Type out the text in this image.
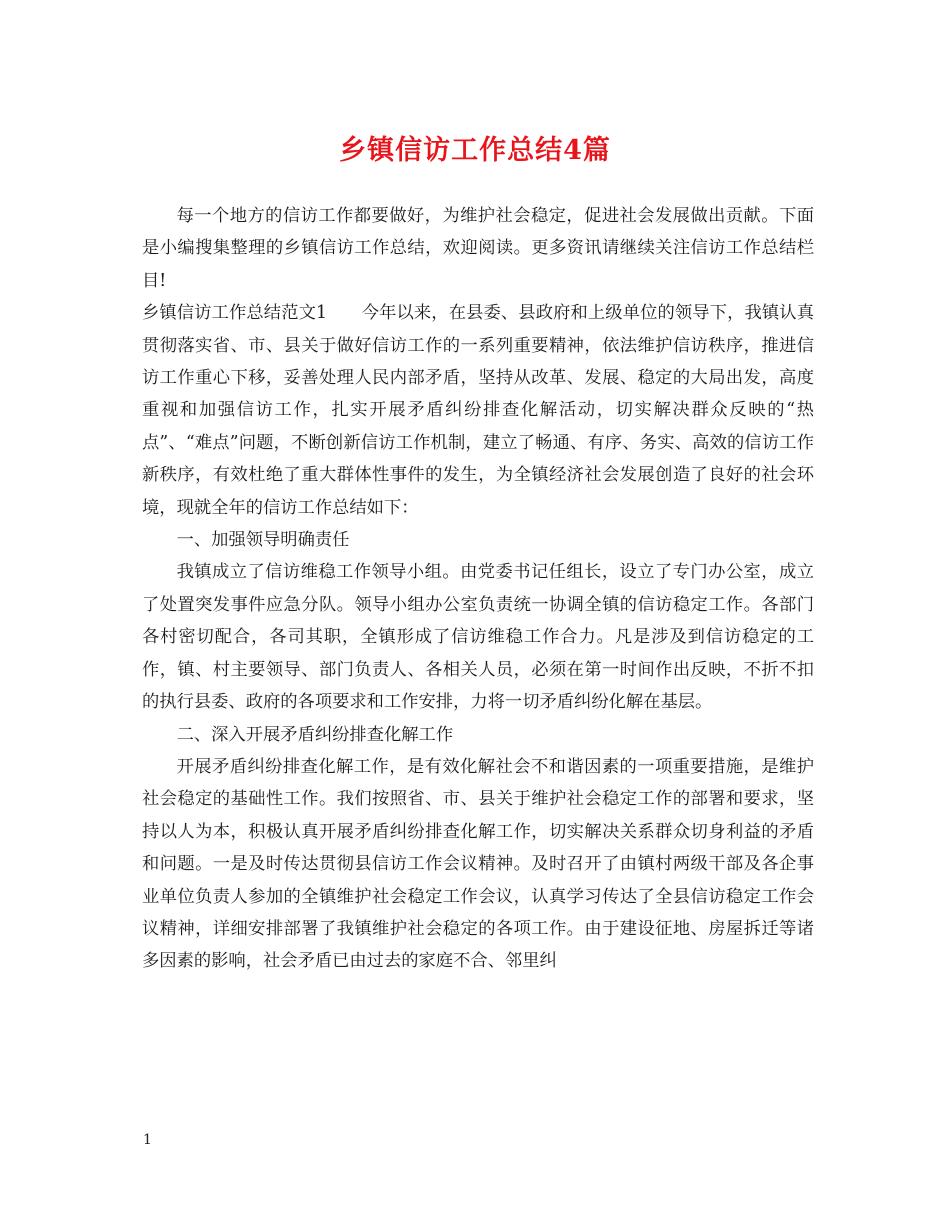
乡镇信访工作总结4篇

每一个地方的信访工作都要做好，为维护社会稳定，促进社会发展做出贡献。下面是小编搜集整理的乡镇信访工作总结，欢迎阅读。更多资讯请继续关注信访工作总结栏目!

乡镇信访工作总结范文1 今年以来，在县委、县政府和上级单位的领导下，我镇认真贯彻落实省、市、县关于做好信访工作的一系列重要精神，依法维护信访秩序，推进信访工作重心下移，妥善处理人民内部矛盾，坚持从改革、发展、稳定的大局出发，高度重视和加强信访工作，扎实开展矛盾纠纷排查化解活动，切实解决群众反映的“热点”、“难点”问题，不断创新信访工作机制，建立了畅通、有序、务实、高效的信访工作新秩序，有效杜绝了重大群体性事件的发生，为全镇经济社会发展创造了良好的社会环境，现就全年的信访工作总结如下：

一、加强领导明确责任

我镇成立了信访维稳工作领导小组。由党委书记任组长，设立了专门办公室，成立了处置突发事件应急分队。领导小组办公室负责统一协调全镇的信访稳定工作。各部门各村密切配合，各司其职，全镇形成了信访维稳工作合力。凡是涉及到信访稳定的工作，镇、村主要领导、部门负责人、各相关人员，必须在第一时间作出反映，不折不扣的执行县委、政府的各项要求和工作安排，力将一切矛盾纠纷化解在基层。

二、深入开展矛盾纠纷排查化解工作

开展矛盾纠纷排查化解工作，是有效化解社会不和谐因素的一项重要措施，是维护社会稳定的基础性工作。我们按照省、市、县关于维护社会稳定工作的部署和要求，坚持以人为本，积极认真开展矛盾纠纷排查化解工作，切实解决关系群众切身利益的矛盾和问题。一是及时传达贯彻县信访工作会议精神。及时召开了由镇村两级干部及各企事业单位负责人参加的全镇维护社会稳定工作会议，认真学习传达了全县信访稳定工作会议精神，详细安排部署了我镇维护社会稳定的各项工作。由于建设征地、房屋拆迁等诸多因素的影响，社会矛盾已由过去的家庭不合、邻里纠

1
